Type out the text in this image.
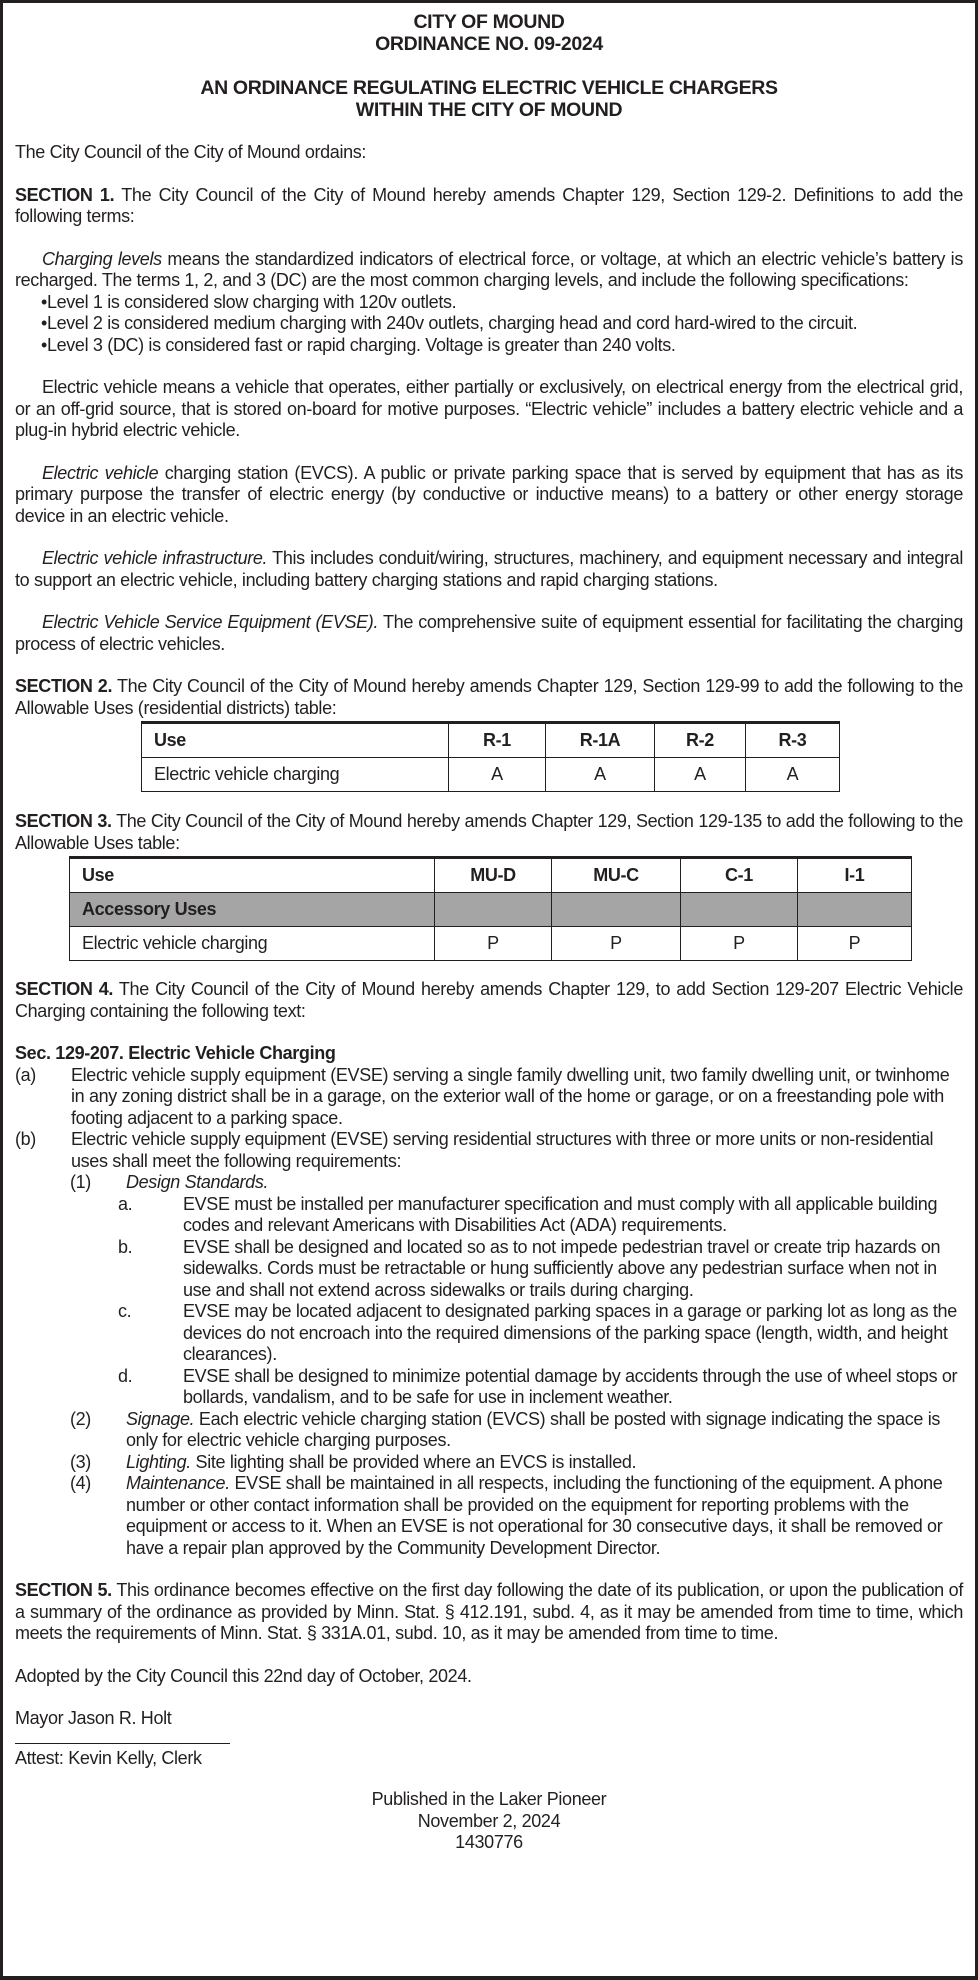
CITY OF MOUND

ORDINANCE NO. 09-2024

AN ORDINANCE REGULATING ELECTRIC VEHICLE CHARGERS

WITHIN THE CITY OF MOUND

The City Council of the City of Mound ordains:

SECTION 1. The City Council of the City of Mound hereby amends Chapter 129, Section 129-2. Definitions to add the following terms:

Charging levels means the standardized indicators of electrical force, or voltage, at which an electric vehicle’s battery is recharged. The terms 1, 2, and 3 (DC) are the most common charging levels, and include the following specifications:

• Level 1 is considered slow charging with 120v outlets.
• Level 2 is considered medium charging with 240v outlets, charging head and cord hard-wired to the circuit.
• Level 3 (DC) is considered fast or rapid charging. Voltage is greater than 240 volts.

Electric vehicle means a vehicle that operates, either partially or exclusively, on electrical energy from the electrical grid, or an off-grid source, that is stored on-board for motive purposes. “Electric vehicle” includes a battery electric vehicle and a plug-in hybrid electric vehicle.

Electric vehicle charging station (EVCS). A public or private parking space that is served by equipment that has as its primary purpose the transfer of electric energy (by conductive or inductive means) to a battery or other energy storage device in an electric vehicle.

Electric vehicle infrastructure. This includes conduit/wiring, structures, machinery, and equipment necessary and integral to support an electric vehicle, including battery charging stations and rapid charging stations.

Electric Vehicle Service Equipment (EVSE). The comprehensive suite of equipment essential for facilitating the charging process of electric vehicles.

SECTION 2. The City Council of the City of Mound hereby amends Chapter 129, Section 129-99 to add the following to the Allowable Uses (residential districts) table:

Use	R-1	R-1A	R-2	R-3
Electric vehicle charging	A	A	A	A

SECTION 3. The City Council of the City of Mound hereby amends Chapter 129, Section 129-135 to add the following to the Allowable Uses table:

Use	MU-D	MU-C	C-1	I-1
Accessory Uses				
Electric vehicle charging	P	P	P	P

SECTION 4. The City Council of the City of Mound hereby amends Chapter 129, to add Section 129-207 Electric Vehicle Charging containing the following text:

Sec. 129-207. Electric Vehicle Charging

(a)	Electric vehicle supply equipment (EVSE) serving a single family dwelling unit, two family dwelling unit, or twinhome in any zoning district shall be in a garage, on the exterior wall of the home or garage, or on a freestanding pole with footing adjacent to a parking space.
(b)	Electric vehicle supply equipment (EVSE) serving residential structures with three or more units or non-residential uses shall meet the following requirements:
(1)	Design Standards.
a.	EVSE must be installed per manufacturer specification and must comply with all applicable building codes and relevant Americans with Disabilities Act (ADA) requirements.
b.	EVSE shall be designed and located so as to not impede pedestrian travel or create trip hazards on sidewalks. Cords must be retractable or hung sufficiently above any pedestrian surface when not in use and shall not extend across sidewalks or trails during charging.
c.	EVSE may be located adjacent to designated parking spaces in a garage or parking lot as long as the devices do not encroach into the required dimensions of the parking space (length, width, and height clearances).
d.	EVSE shall be designed to minimize potential damage by accidents through the use of wheel stops or bollards, vandalism, and to be safe for use in inclement weather.
(2)	Signage. Each electric vehicle charging station (EVCS) shall be posted with signage indicating the space is only for electric vehicle charging purposes.
(3)	Lighting. Site lighting shall be provided where an EVCS is installed.
(4)	Maintenance. EVSE shall be maintained in all respects, including the functioning of the equipment. A phone number or other contact information shall be provided on the equipment for reporting problems with the equipment or access to it. When an EVSE is not operational for 30 consecutive days, it shall be removed or have a repair plan approved by the Community Development Director.

SECTION 5. This ordinance becomes effective on the first day following the date of its publication, or upon the publication of a summary of the ordinance as provided by Minn. Stat. § 412.191, subd. 4, as it may be amended from time to time, which meets the requirements of Minn. Stat. § 331A.01, subd. 10, as it may be amended from time to time.

Adopted by the City Council this 22nd day of October, 2024.

Mayor Jason R. Holt

Attest: Kevin Kelly, Clerk

Published in the Laker Pioneer

November 2, 2024

1430776
